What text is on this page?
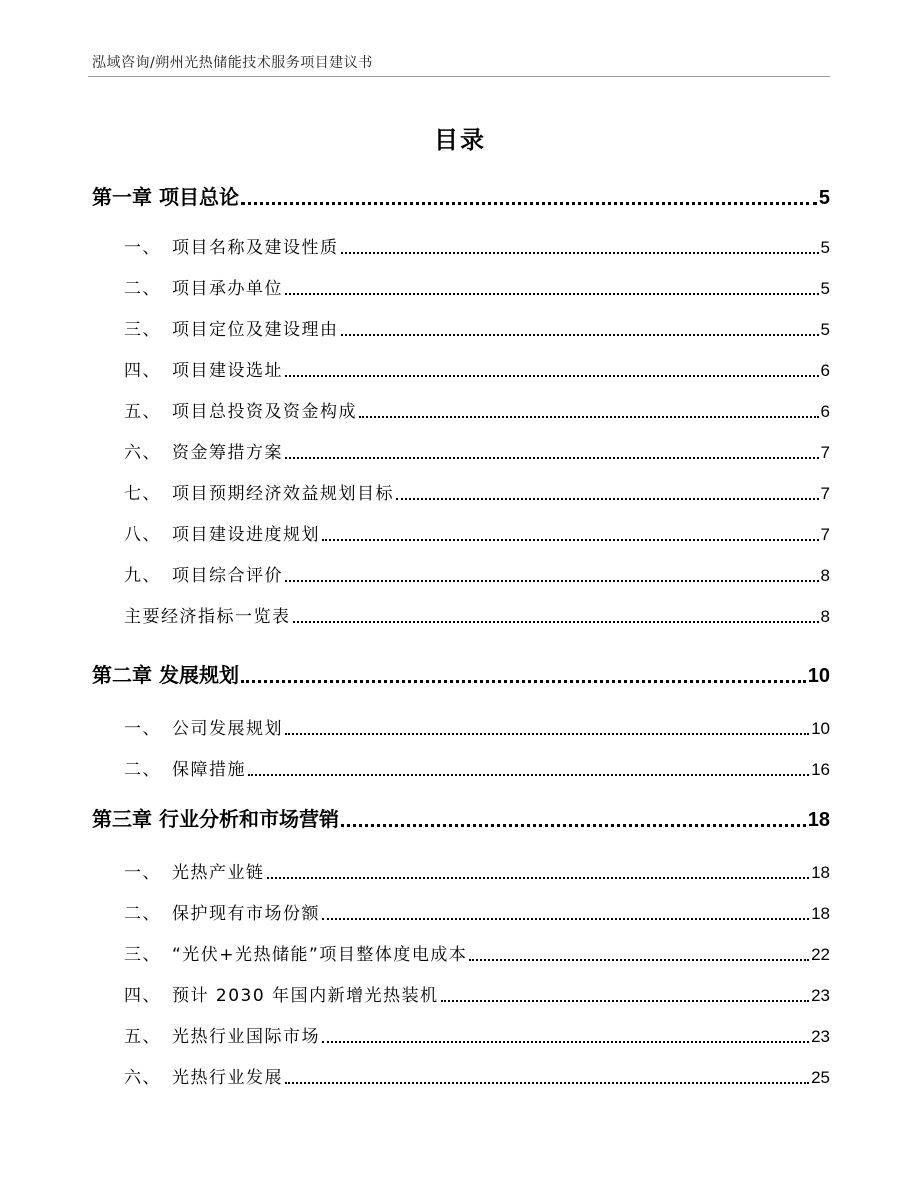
泓域咨询/朔州光热储能技术服务项目建议书
目录
第一章 项目总论	5
一、 项目名称及建设性质	5
二、 项目承办单位	5
三、 项目定位及建设理由	5
四、 项目建设选址	6
五、 项目总投资及资金构成	6
六、 资金筹措方案	7
七、 项目预期经济效益规划目标	7
八、 项目建设进度规划	7
九、 项目综合评价	8
主要经济指标一览表	8
第二章 发展规划	10
一、 公司发展规划	10
二、 保障措施	16
第三章 行业分析和市场营销	18
一、 光热产业链	18
二、 保护现有市场份额	18
三、 “光伏+光热储能”项目整体度电成本	22
四、 预计 2030 年国内新增光热装机	23
五、 光热行业国际市场	23
六、 光热行业发展	25
